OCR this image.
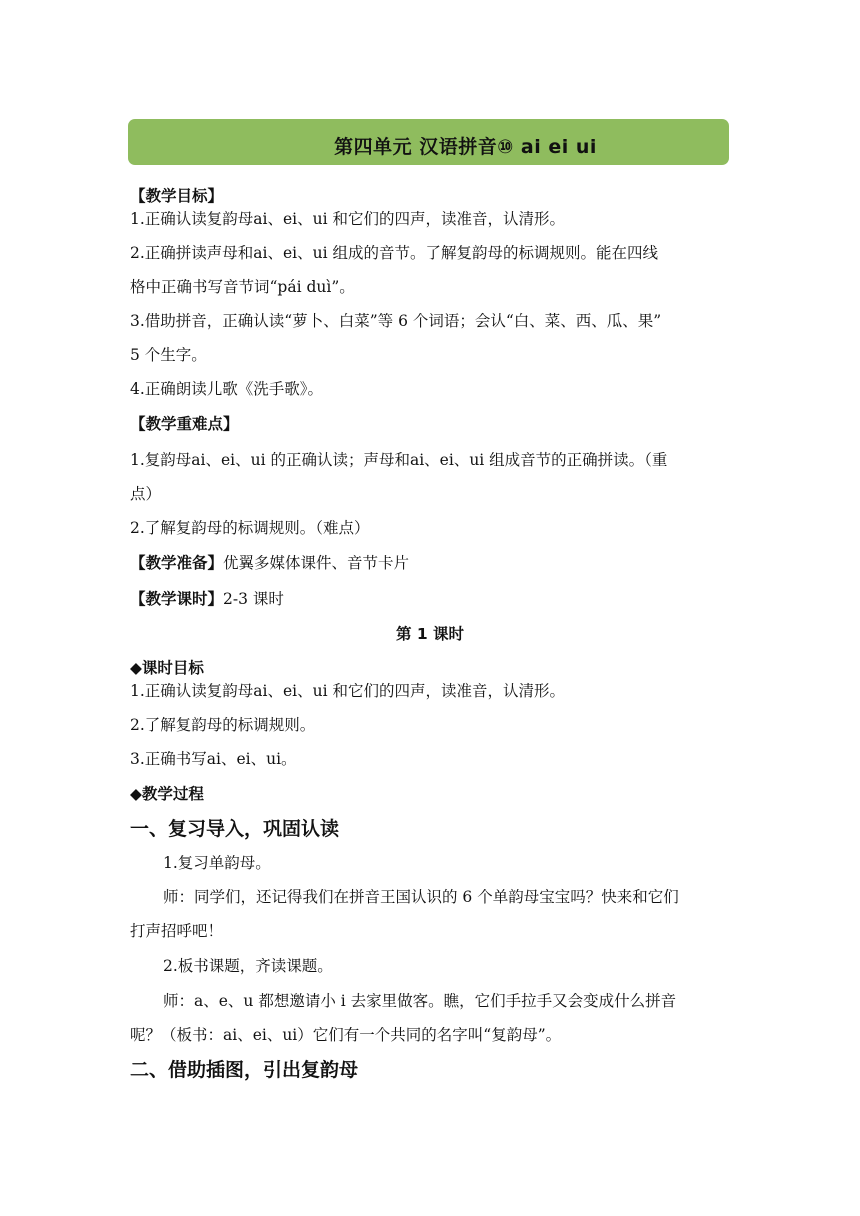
第四单元 汉语拼音⑩ ai ei ui
【教学目标】
1.正确认读复韵母ai、ei、ui 和它们的四声，读准音，认清形。
2.正确拼读声母和ai、ei、ui 组成的音节。了解复韵母的标调规则。能在四线
格中正确书写音节词“pái duì”。
3.借助拼音，正确认读“萝卜、白菜”等 6 个词语；会认“白、菜、西、瓜、果”
5 个生字。
4.正确朗读儿歌《洗手歌》。
【教学重难点】
1.复韵母ai、ei、ui 的正确认读；声母和ai、ei、ui 组成音节的正确拼读。（重
点）
2.了解复韵母的标调规则。（难点）
【教学准备】优翼多媒体课件、音节卡片
【教学课时】2-3 课时
第 1 课时
◆课时目标
1.正确认读复韵母ai、ei、ui 和它们的四声，读准音，认清形。
2.了解复韵母的标调规则。
3.正确书写ai、ei、ui。
◆教学过程
一、复习导入，巩固认读
1.复习单韵母。
师：同学们，还记得我们在拼音王国认识的 6 个单韵母宝宝吗？快来和它们
打声招呼吧！
2.板书课题，齐读课题。
师：a、e、u 都想邀请小 i 去家里做客。瞧，它们手拉手又会变成什么拼音
呢？（板书：ai、ei、ui）它们有一个共同的名字叫“复韵母”。
二、借助插图，引出复韵母
